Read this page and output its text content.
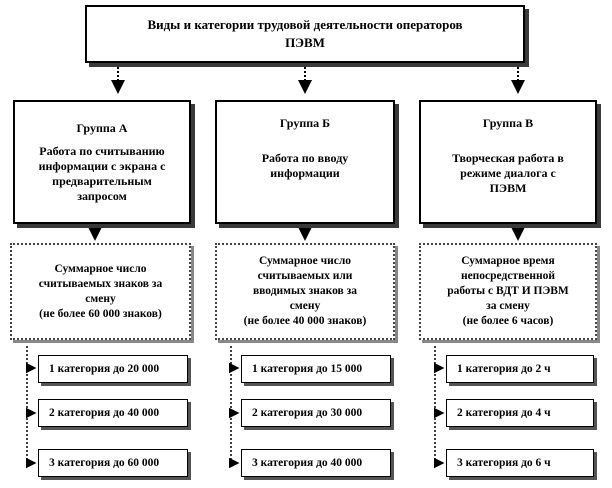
Виды и категории трудовой деятельности операторов
ПЭВМ
Группа А
Работа по считыванию
информации с экрана с
предварительным
запросом
Группа Б
Работа по вводу
информации
Группа В
Творческая работа в
режиме диалога с
ПЭВМ
Суммарное число
считываемых знаков за
смену
(не более 60 000 знаков)
Суммарное число
считываемых или
вводимых знаков за
смену
(не более 40 000 знаков)
Суммарное время
непосредственной
работы с ВДТ И ПЭВМ
за смену
(не более 6 часов)
1 категория до 20 000
2 категория до 40 000
3 категория до 60 000
1 категория до 15 000
2 категория до 30 000
3 категория до 40 000
1 категория до 2 ч
2 категория до 4 ч
3 категория до 6 ч
